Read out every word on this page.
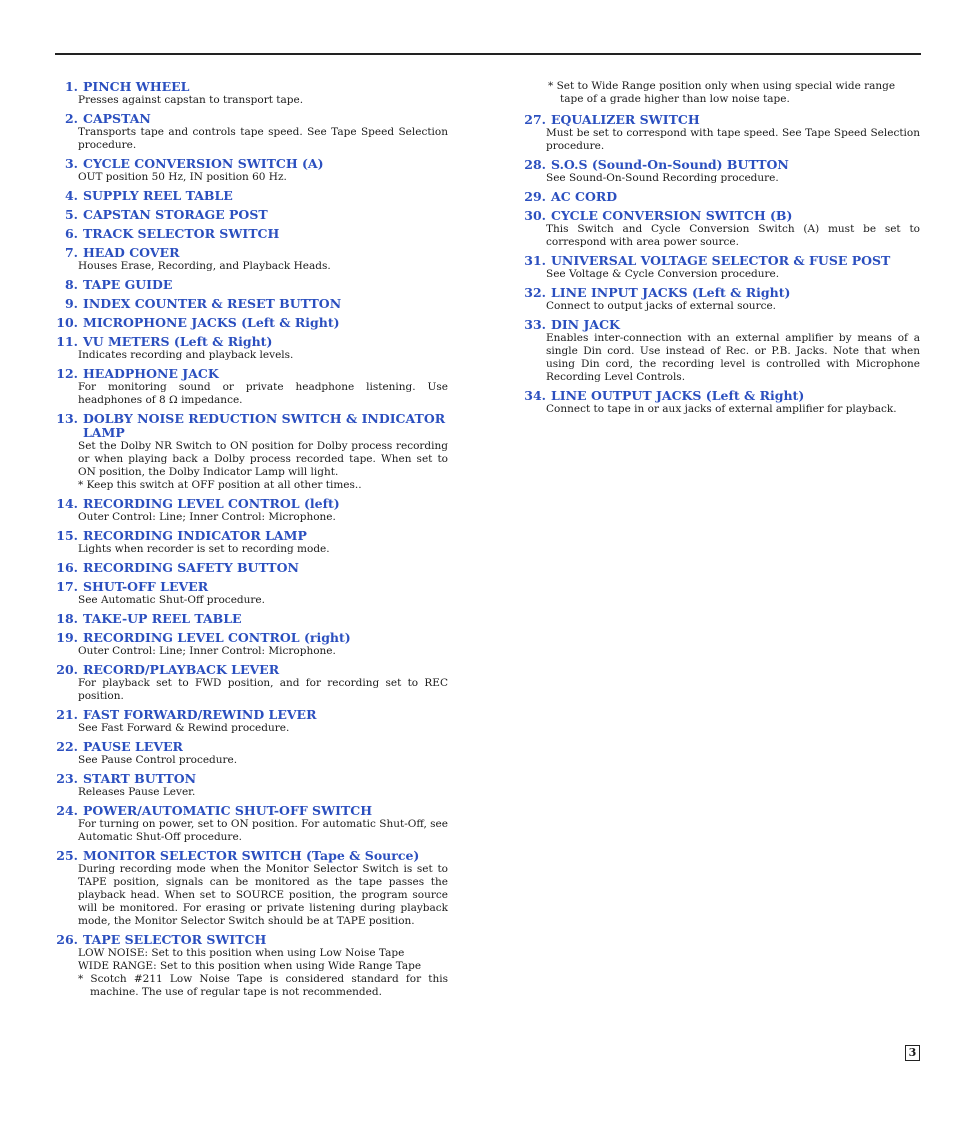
1. PINCH WHEEL

Presses against capstan to transport tape.

2. CAPSTAN

Transports tape and controls tape speed. See Tape Speed Selection procedure.

3. CYCLE CONVERSION SWITCH (A)

OUT position 50 Hz, IN position 60 Hz.

4. SUPPLY REEL TABLE
5. CAPSTAN STORAGE POST
6. TRACK SELECTOR SWITCH
7. HEAD COVER

Houses Erase, Recording, and Playback Heads.

8. TAPE GUIDE
9. INDEX COUNTER & RESET BUTTON
10. MICROPHONE JACKS (Left & Right)
11. VU METERS (Left & Right)

Indicates recording and playback levels.

12. HEADPHONE JACK

For monitoring sound or private headphone listening. Use headphones of 8 Ω impedance.

13. DOLBY NOISE REDUCTION SWITCH & INDICATOR LAMP

Set the Dolby NR Switch to ON position for Dolby process recording or when playing back a Dolby process recorded tape. When set to ON position, the Dolby Indicator Lamp will light.

* Keep this switch at OFF position at all other times..

14. RECORDING LEVEL CONTROL (left)

Outer Control: Line; Inner Control: Microphone.

15. RECORDING INDICATOR LAMP

Lights when recorder is set to recording mode.

16. RECORDING SAFETY BUTTON
17. SHUT-OFF LEVER

See Automatic Shut-Off procedure.

18. TAKE-UP REEL TABLE
19. RECORDING LEVEL CONTROL (right)

Outer Control: Line; Inner Control: Microphone.

20. RECORD/PLAYBACK LEVER

For playback set to FWD position, and for recording set to REC position.

21. FAST FORWARD/REWIND LEVER

See Fast Forward & Rewind procedure.

22. PAUSE LEVER

See Pause Control procedure.

23. START BUTTON

Releases Pause Lever.

24. POWER/AUTOMATIC SHUT-OFF SWITCH

For turning on power, set to ON position. For automatic Shut-Off, see Automatic Shut-Off procedure.

25. MONITOR SELECTOR SWITCH (Tape & Source)

During recording mode when the Monitor Selector Switch is set to TAPE position, signals can be monitored as the tape passes the playback head. When set to SOURCE position, the program source will be monitored. For erasing or private listening during playback mode, the Monitor Selector Switch should be at TAPE position.

26. TAPE SELECTOR SWITCH

LOW NOISE: Set to this position when using Low Noise Tape

WIDE RANGE: Set to this position when using Wide Range Tape

* Scotch #211 Low Noise Tape is considered standard for this machine. The use of regular tape is not recommended.

* Set to Wide Range position only when using special wide range tape of a grade higher than low noise tape.
27. EQUALIZER SWITCH

Must be set to correspond with tape speed. See Tape Speed Selection procedure.

28. S.O.S (Sound-On-Sound) BUTTON

See Sound-On-Sound Recording procedure.

29. AC CORD
30. CYCLE CONVERSION SWITCH (B)

This Switch and Cycle Conversion Switch (A) must be set to correspond with area power source.

31. UNIVERSAL VOLTAGE SELECTOR & FUSE POST

See Voltage & Cycle Conversion procedure.

32. LINE INPUT JACKS (Left & Right)

Connect to output jacks of external source.

33. DIN JACK

Enables inter-connection with an external amplifier by means of a single Din cord. Use instead of Rec. or P.B. Jacks. Note that when using Din cord, the recording level is controlled with Microphone Recording Level Controls.

34. LINE OUTPUT JACKS (Left & Right)

Connect to tape in or aux jacks of external amplifier for playback.

3
